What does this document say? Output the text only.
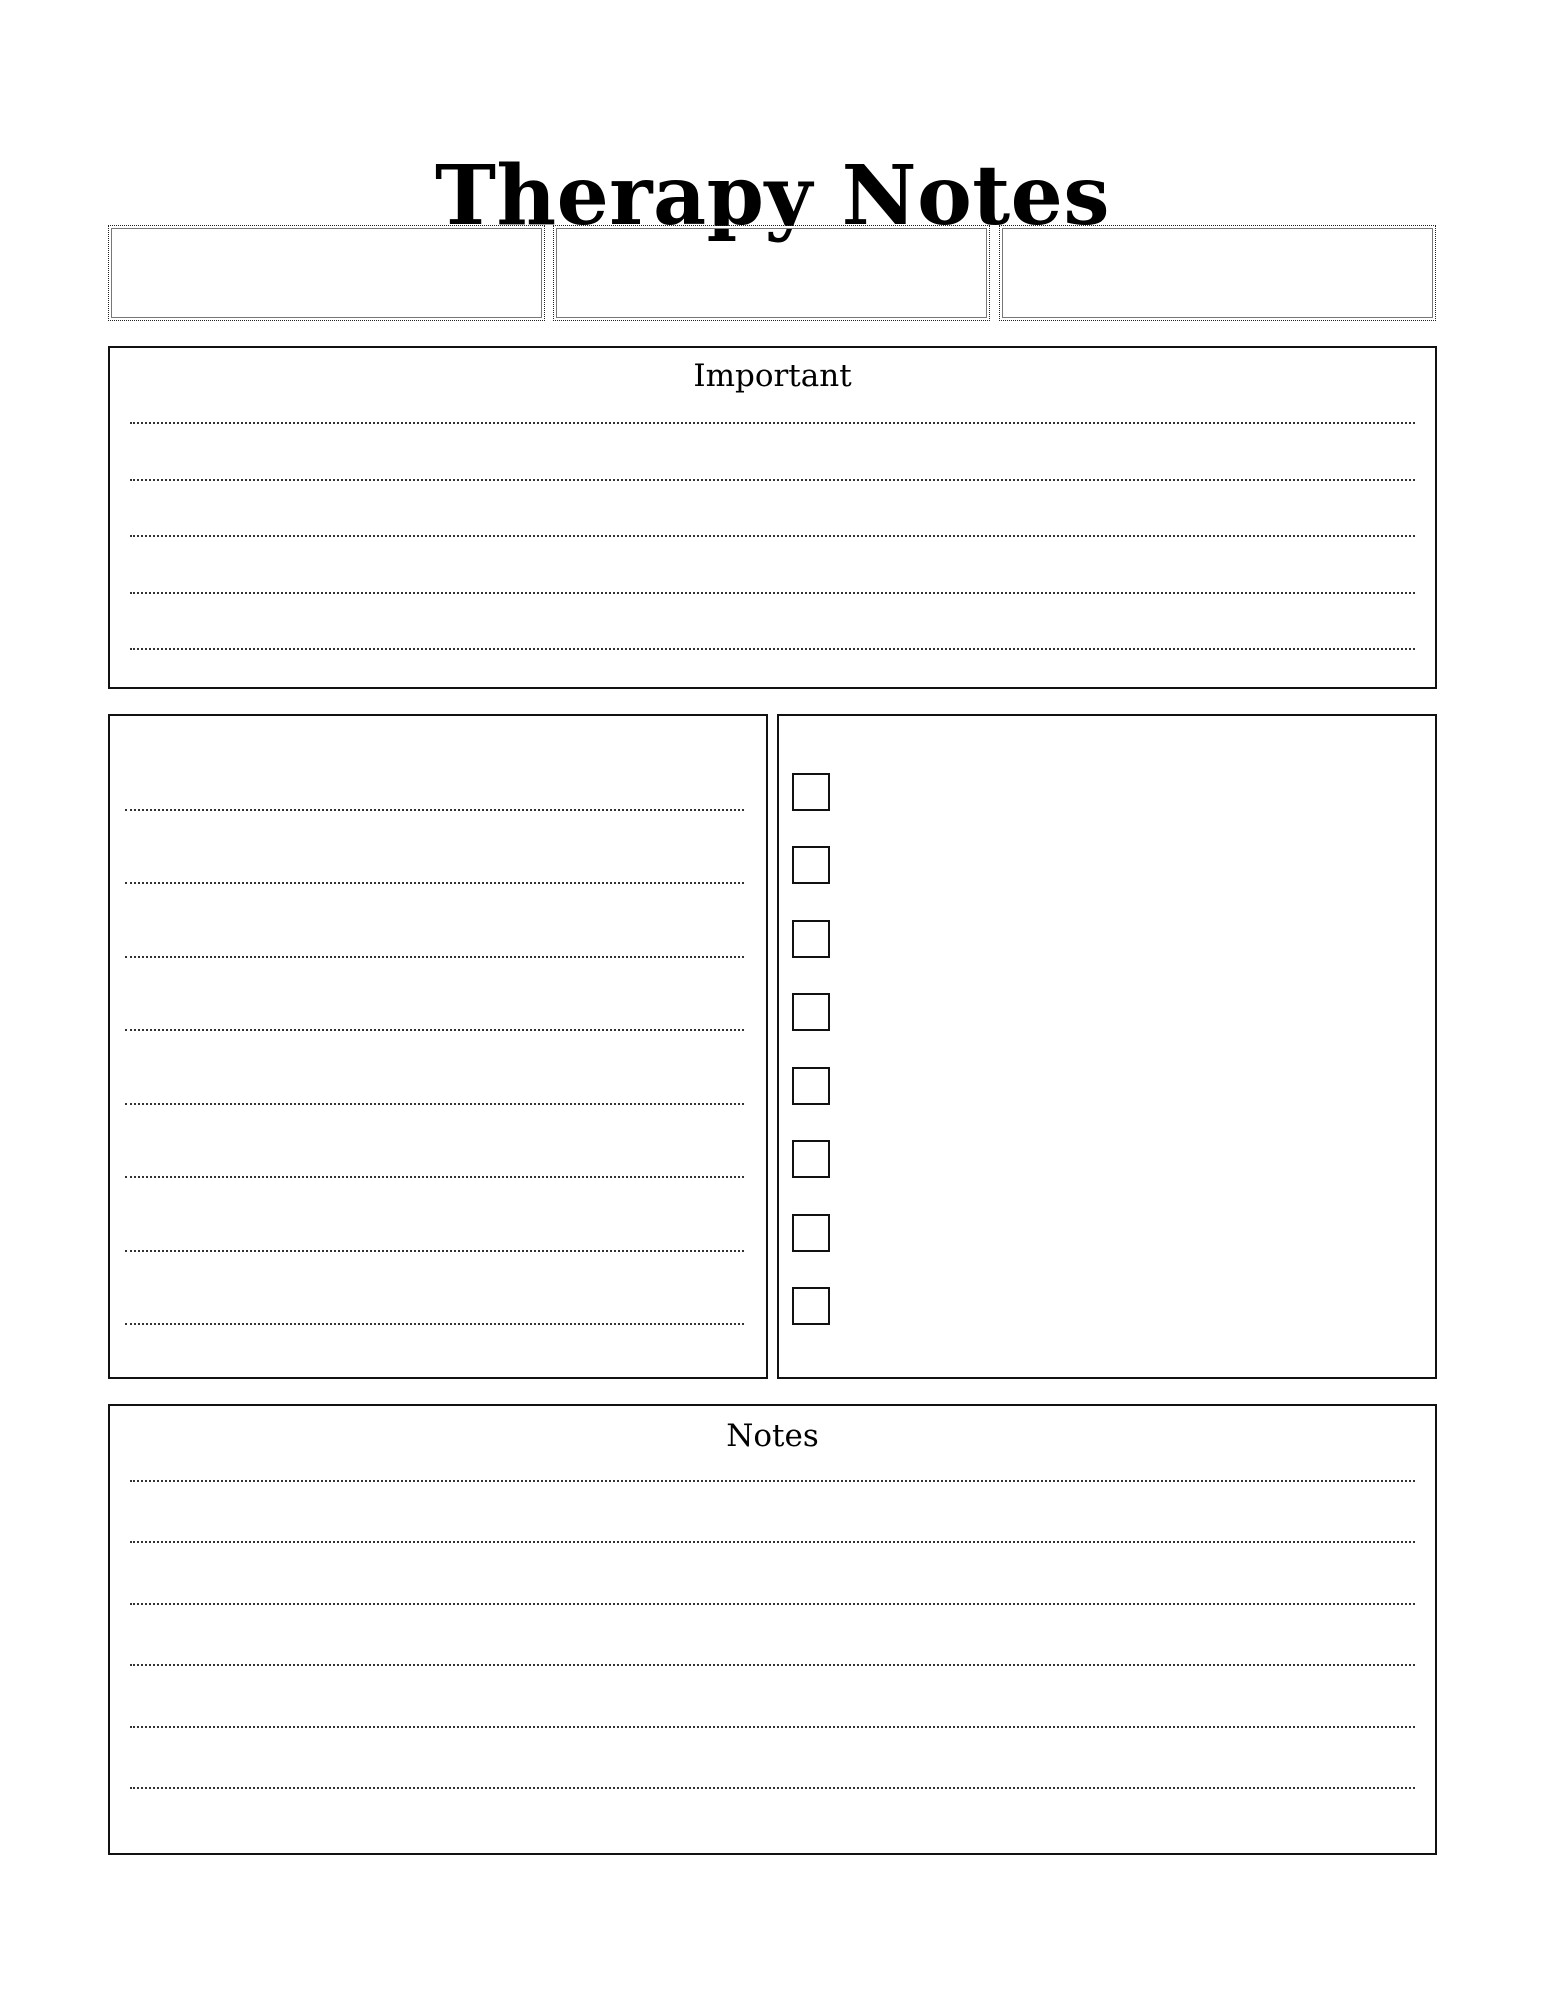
Therapy Notes
Important
Notes
